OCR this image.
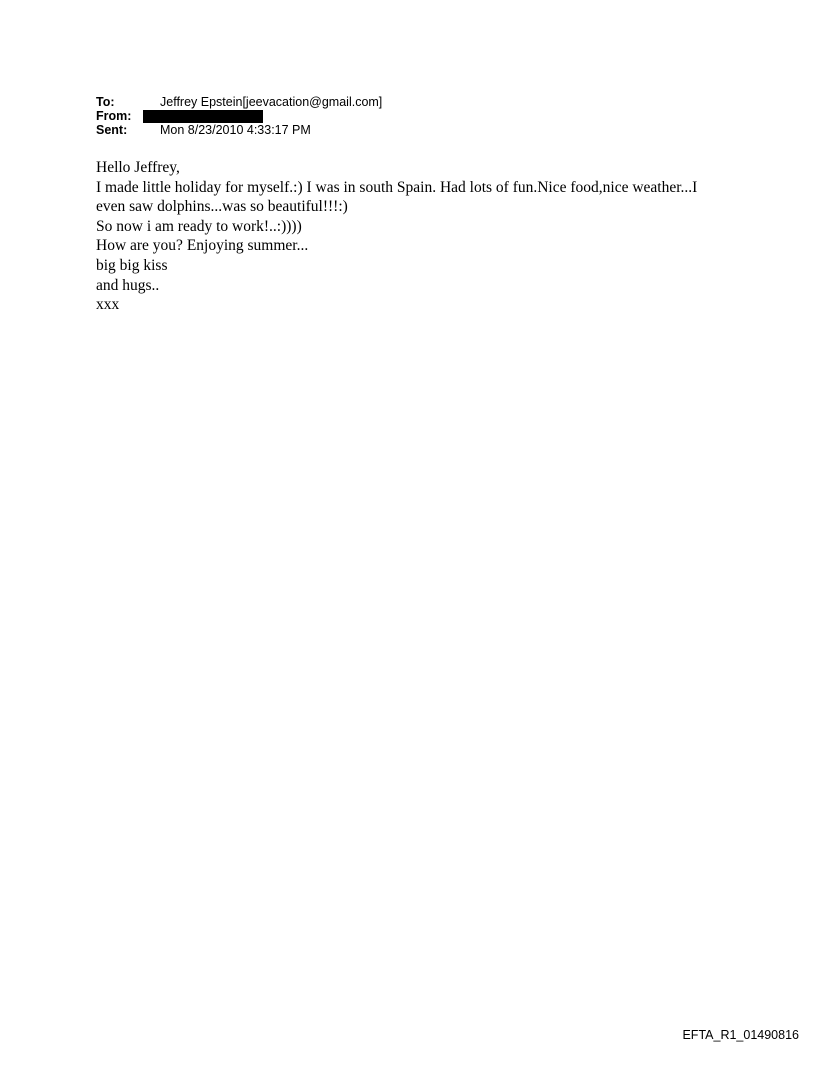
To:	Jeffrey Epstein[jeevacation@gmail.com]
From:
Sent:	Mon 8/23/2010 4:33:17 PM

Hello Jeffrey,

I made little holiday for myself.:) I was in south Spain. Had lots of fun.Nice food,nice weather...I

even saw dolphins...was so beautiful!!!:)

So now i am ready to work!..:))))

How are you? Enjoying summer...

big big kiss

and hugs..

xxx

EFTA_R1_01490816
